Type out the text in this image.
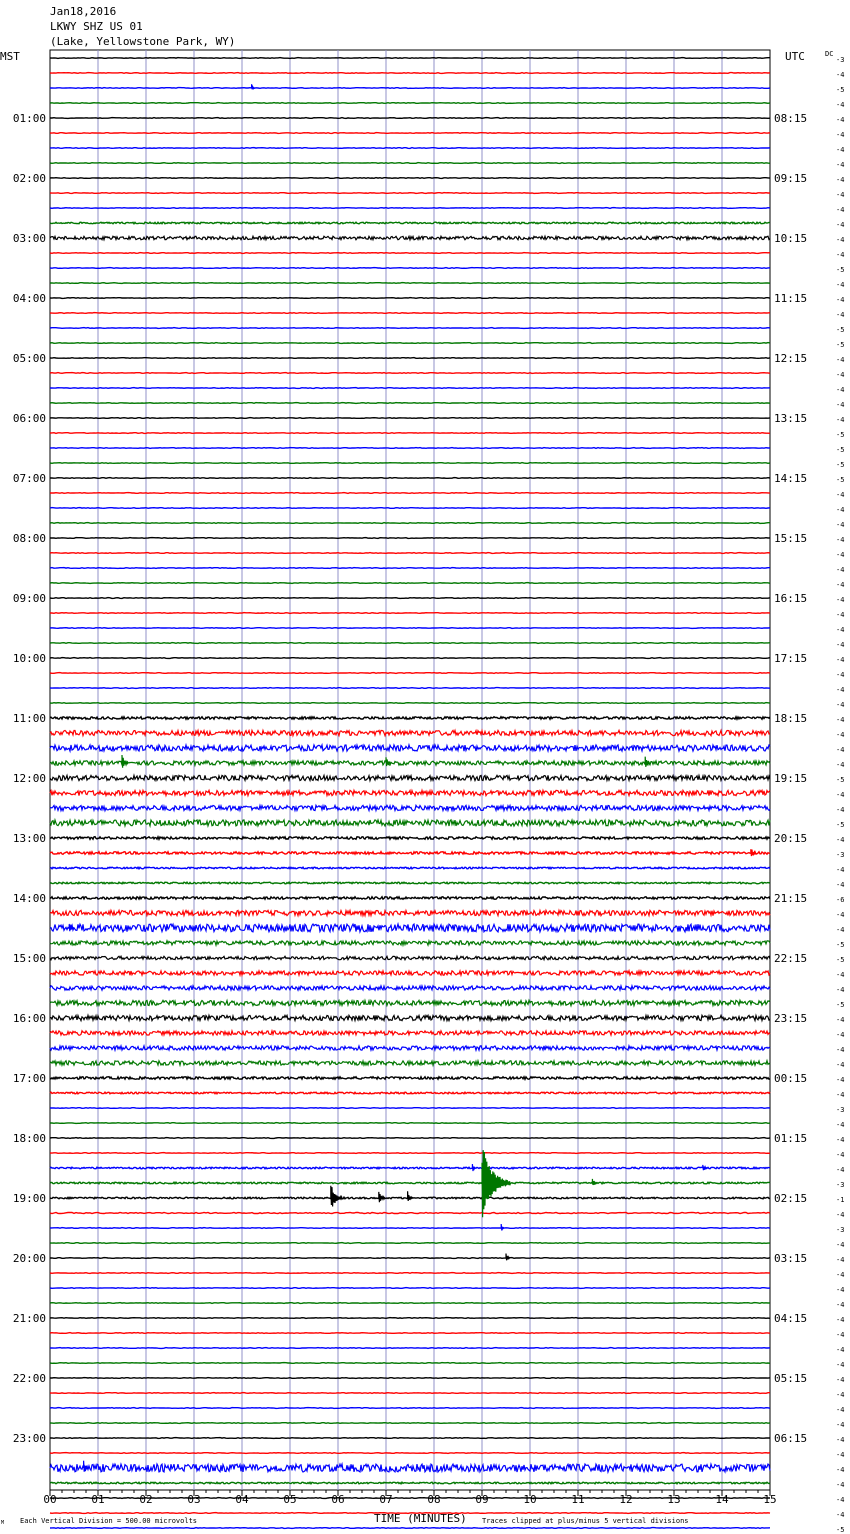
Jan18,2016
LKWY SHZ US 01
(Lake, Yellowstone Park, WY)
00	01	02	03	04	05	06	07	08	09	10	11	12	13	14	15
-3
-4
-5
-4
-4
-4
-4
-4
-4
-4
-4
-4
-4
-4
-5
-4
-4
-4
-5
-5
-4
-4
-4
-4
-4
-5
-5
-5
-5
-4
-4
-4
-4
-4
-4
-4
-4
-4
-4
-4
-4
-4
-4
-4
-4
-4
-4
-4
-5
-4
-4
-5
-4
-3
-4
-4
-6
-4
-4
-5
-5
-4
-4
-5
-4
-4
-4
-4
-4
-4
-3
-4
-4
-4
-4
-3
-1
-4
-3
-4
-4
-4
-4
-4
-4
-4
-4
-4
-4
-4
-4
-4
-4
-4
-4
-4
-4
-4
-5
01:00
02:00
03:00
04:00
05:00
06:00
07:00
08:00
09:00
10:00
11:00
12:00
13:00
14:00
15:00
16:00
17:00
18:00
19:00
20:00
21:00
22:00
23:00
08:15
09:15
10:15
11:15
12:15
13:15
14:15
15:15
16:15
17:15
18:15
19:15
20:15
21:15
22:15
23:15
00:15
01:15
02:15
03:15
04:15
05:15
06:15
MST	UTC	DC
TIME (MINUTES)
M Each Vertical Division = 500.00 microvolts	Traces clipped at plus/minus 5 vertical divisions
